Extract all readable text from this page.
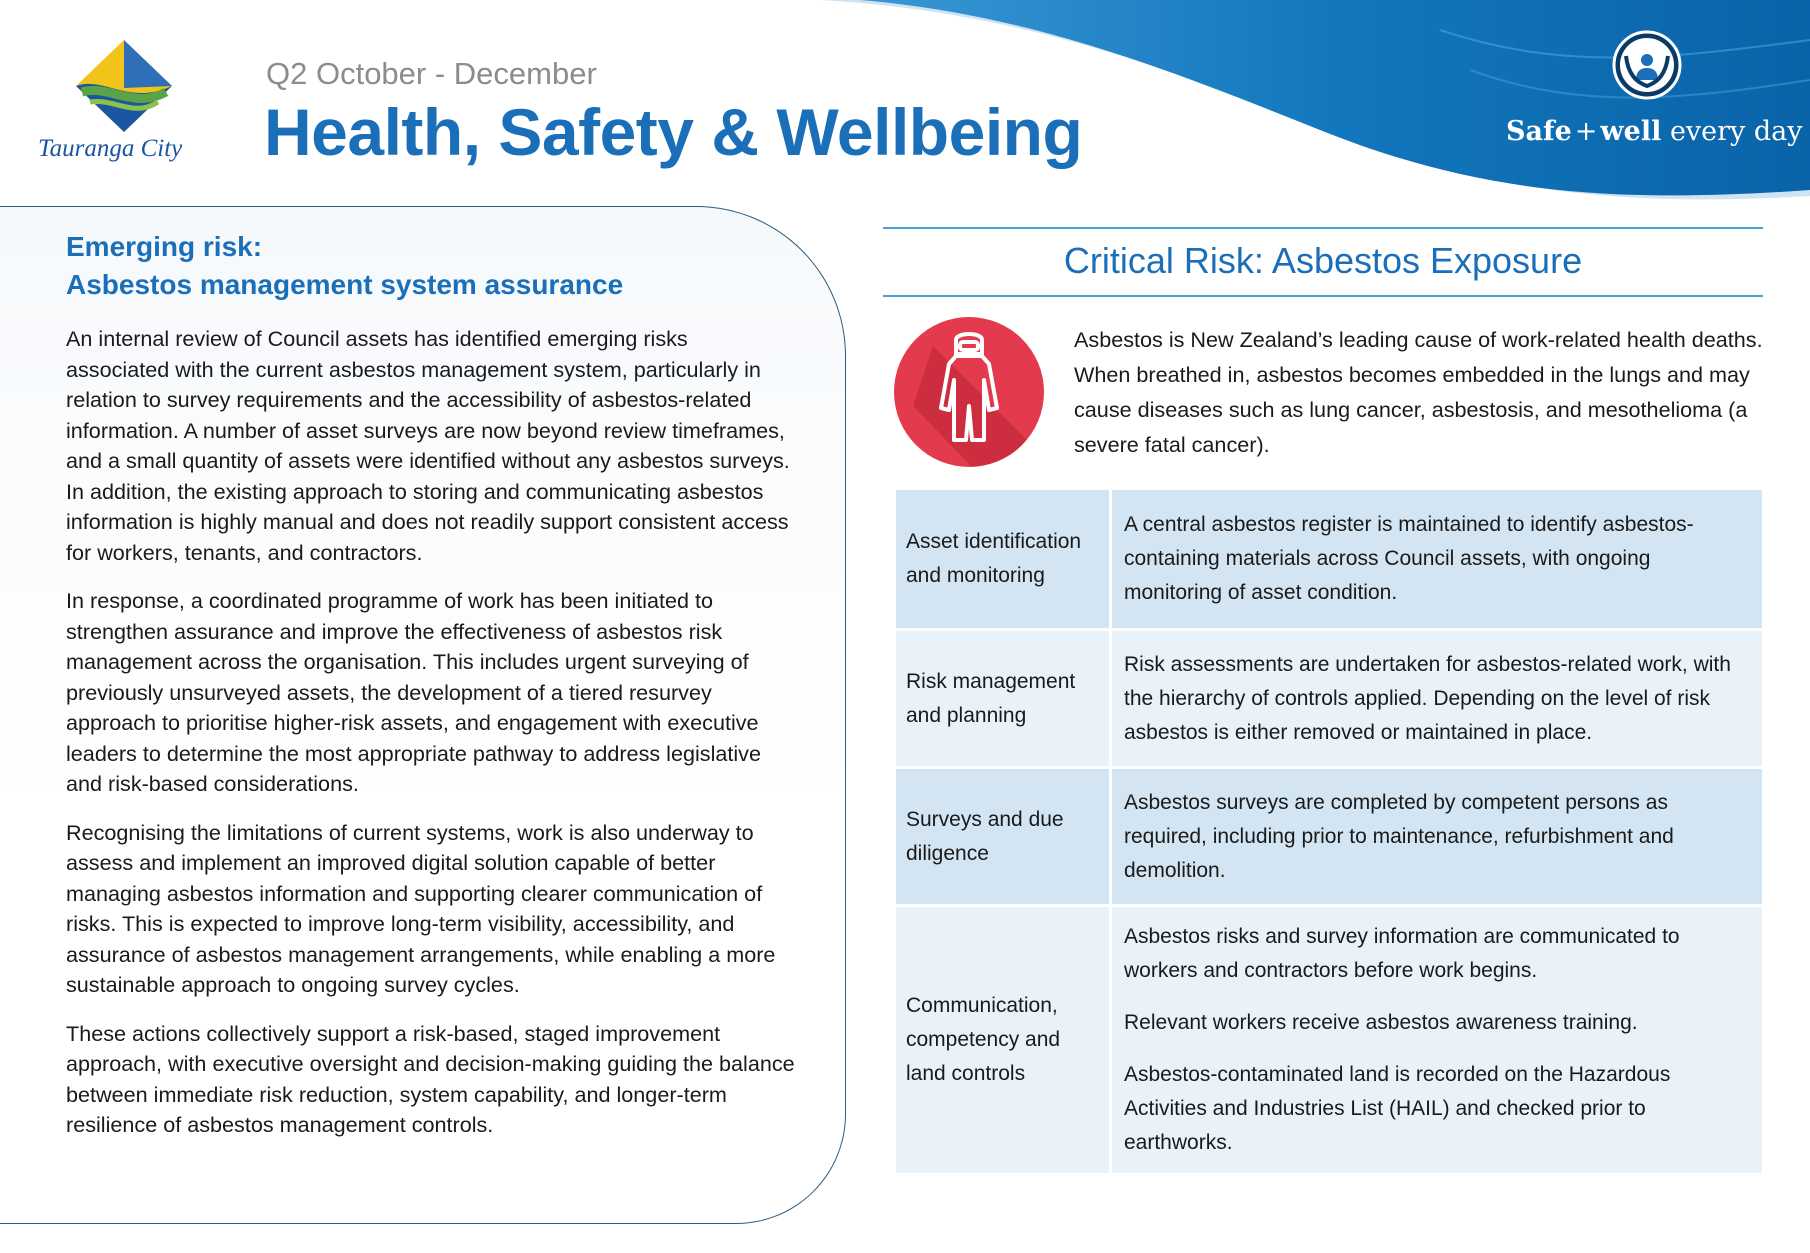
Tauranga City
Q2 October - December
Health, Safety & Wellbeing	Safe + well every day
Emerging risk:
Asbestos management system assurance

An internal review of Council assets has identified emerging risks associated with the current asbestos management system, particularly in relation to survey requirements and the accessibility of asbestos-related information. A number of asset surveys are now beyond review timeframes, and a small quantity of assets were identified without any asbestos surveys. In addition, the existing approach to storing and communicating asbestos information is highly manual and does not readily support consistent access for workers, tenants, and contractors.

In response, a coordinated programme of work has been initiated to strengthen assurance and improve the effectiveness of asbestos risk management across the organisation. This includes urgent surveying of previously unsurveyed assets, the development of a tiered resurvey approach to prioritise higher-risk assets, and engagement with executive leaders to determine the most appropriate pathway to address legislative and risk-based considerations.

Recognising the limitations of current systems, work is also underway to assess and implement an improved digital solution capable of better managing asbestos information and supporting clearer communication of risks. This is expected to improve long-term visibility, accessibility, and assurance of asbestos management arrangements, while enabling a more sustainable approach to ongoing survey cycles.

These actions collectively support a risk-based, staged improvement approach, with executive oversight and decision-making guiding the balance between immediate risk reduction, system capability, and longer-term resilience of asbestos management controls.

Critical Risk: Asbestos Exposure
Asbestos is New Zealand’s leading cause of work-related health deaths. When breathed in, asbestos becomes embedded in the lungs and may cause diseases such as lung cancer, asbestosis, and mesothelioma (a severe fatal cancer).
Asset identification and monitoring

A central asbestos register is maintained to identify asbestos-containing materials across Council assets, with ongoing monitoring of asset condition.

Risk management and planning

Risk assessments are undertaken for asbestos-related work, with the hierarchy of controls applied. Depending on the level of risk asbestos is either removed or maintained in place.

Surveys and due diligence

Asbestos surveys are completed by competent persons as required, including prior to maintenance, refurbishment and demolition.

Communication, competency and land controls

Asbestos risks and survey information are communicated to workers and contractors before work begins.

Relevant workers receive asbestos awareness training.

Asbestos-contaminated land is recorded on the Hazardous Activities and Industries List (HAIL) and checked prior to earthworks.
